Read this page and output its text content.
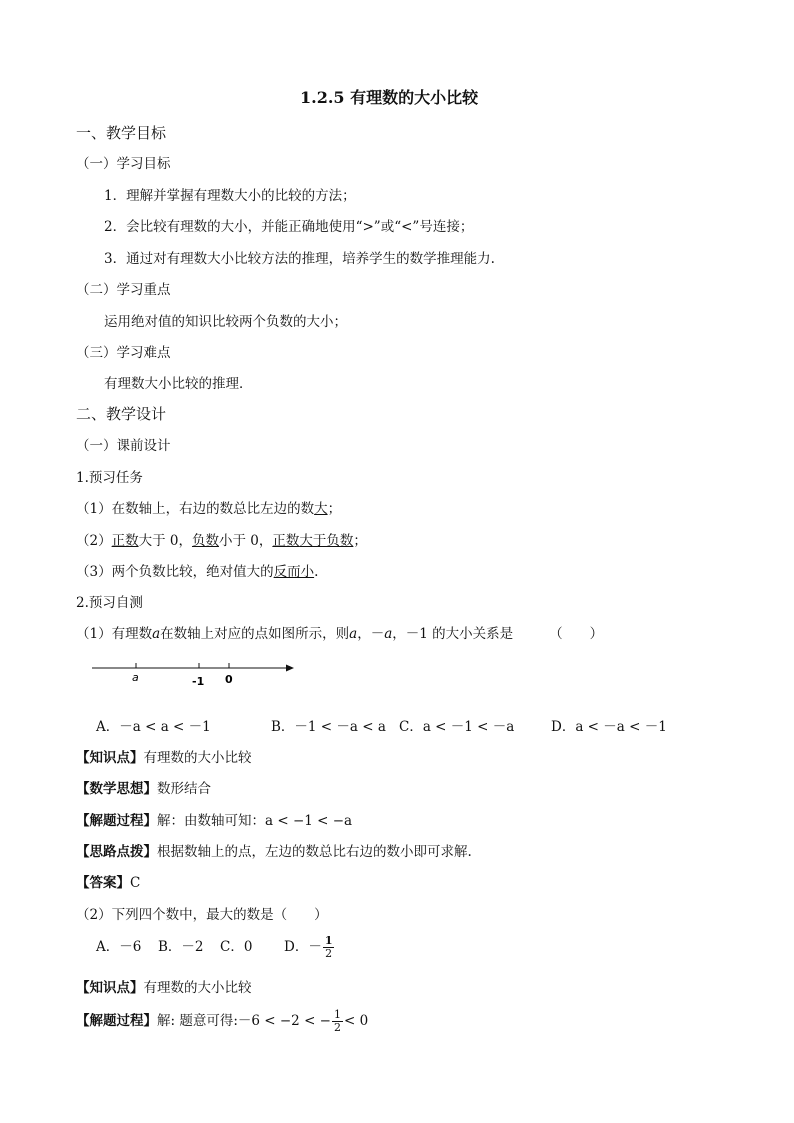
1.2.5 有理数的大小比较
一、教学目标
（一）学习目标
1．理解并掌握有理数大小的比较的方法；
2．会比较有理数的大小，并能正确地使用“>”或“<”号连接；
3．通过对有理数大小比较方法的推理，培养学生的数学推理能力.
（二）学习重点
运用绝对值的知识比较两个负数的大小；
（三）学习难点
有理数大小比较的推理．
二、教学设计
（一）课前设计
1.预习任务
（1）在数轴上，右边的数总比左边的数大；
（2）正数大于 0，负数小于 0，正数大于负数；
（3）两个负数比较，绝对值大的反而小.
2.预习自测
（1）有理数a在数轴上对应的点如图所示，则a，－a，－1 的大小关系是	（　　）
a	-1 0
A．－a < a < －1	B．－1 < －a < a C．a < －1 < －a	D．a < －a < －1
【知识点】有理数的大小比较
【数学思想】数形结合
【解题过程】解：由数轴可知：a < −1 < −a
【思路点拨】根据数轴上的点，左边的数总比右边的数小即可求解.
【答案】C
（2）下列四个数中，最大的数是（　　）
A．－6 B．－2 C．0 D．－ $\frac{1}{2}$
【知识点】有理数的大小比较
【解题过程】解: 题意可得:－6 < −2 < − $\frac{1}{2} < 0$
